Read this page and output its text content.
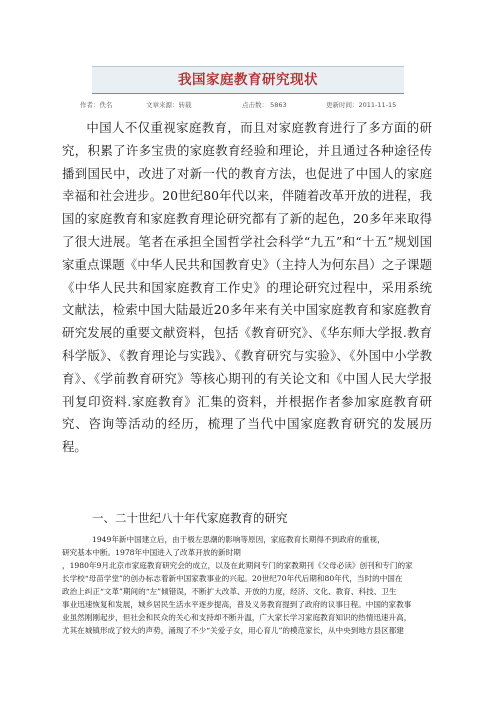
我国家庭教育研究现状
作者：佚名	文章来源：转载	点击数： 5863	更新时间：2011-11-15
中国人不仅重视家庭教育，而且对家庭教育进行了多方面的研究，积累了许多宝贵的家庭教育经验和理论，并且通过各种途径传播到国民中，改进了对新一代的教育方法，也促进了中国人的家庭幸福和社会进步。20世纪80年代以来，伴随着改革开放的进程，我国的家庭教育和家庭教育理论研究都有了新的起色，20多年来取得了很大进展。笔者在承担全国哲学社会科学“九五”和“十五”规划国家重点课题《中华人民共和国教育史》（主持人为何东昌）之子课题《中华人民共和国家庭教育工作史》的理论研究过程中，采用系统文献法，检索中国大陆最近20多年来有关中国家庭教育和家庭教育研究发展的重要文献资料，包括《教育研究》、《华东师大学报.教育科学版》、《教育理论与实践》、《教育研究与实验》、《外国中小学教育》、《学前教育研究》等核心期刊的有关论文和《中国人民大学报刊复印资料.家庭教育》汇集的资料，并根据作者参加家庭教育研究、咨询等活动的经历，梳理了当代中国家庭教育研究的发展历程。
一、二十世纪八十年代家庭教育的研究
1949年新中国建立后，由于极左思潮的影响等原因，家庭教育长期得不到政府的重视，
研究基本中断。1978年中国进入了改革开放的新时期
，1980年9月北京市家庭教育研究会的成立，以及在此期间专门的家教期刊《父母必读》创刊和专门的家
长学校“母苗学堂”的创办标志着新中国家教事业的兴起。20世纪70年代后期和80年代，当时的中国在
政治上纠正“文革”期间的“左”倾错误，不断扩大改革、开放的力度，经济、文化、教育、科技、卫生
事业迅速恢复和发展，城乡居民生活水平逐步提高，普及义务教育提到了政府的议事日程。中国的家教事
业虽然刚刚起步，但社会和民众的关心和支持却不断升温，广大家长学习家庭教育知识的热情迅速升高，
尤其在城镇形成了较大的声势，涌现了不少“关爱子女，用心育儿”的模范家长，从中央到地方县区都建
